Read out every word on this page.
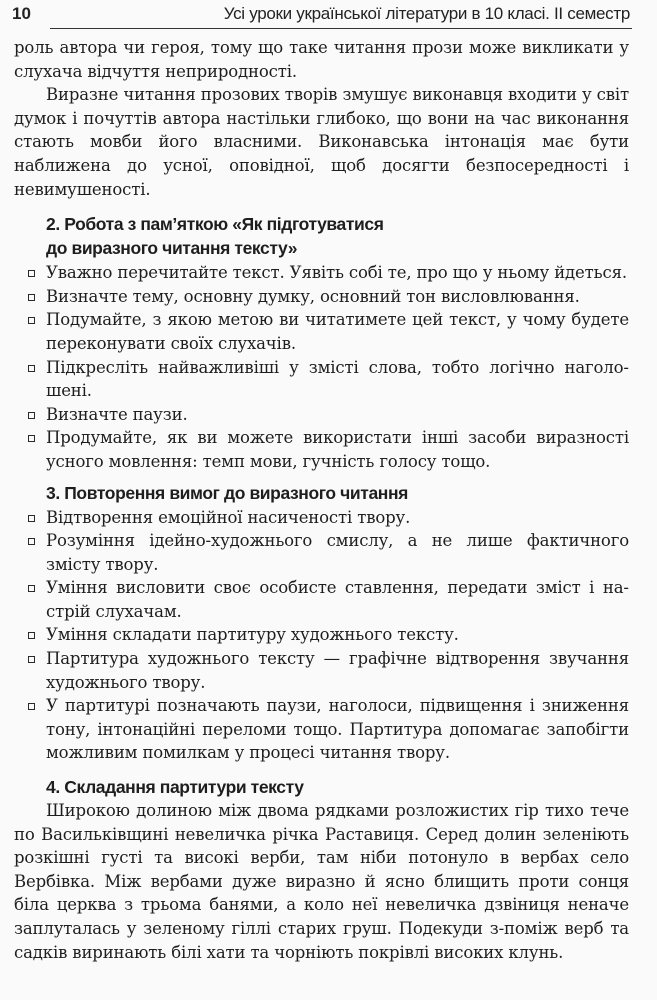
10	Усі уроки української літератури в 10 класі. ІІ семестр

роль автора чи героя, тому що таке читання прози може викликати у слухача відчуття неприродності.

Виразне читання прозових творів змушує виконавця входити у світ думок і почуттів автора настільки глибоко, що вони на час виконання стають мовби його власними. Виконавська інтонація має бути наближена до усної, оповідної, щоб досягти безпосередності і невимушеності.

2. Робота з пам’яткою «Як підготуватися
до виразного читання тексту»
Уважно перечитайте текст. Уявіть собі те, про що у ньому йдеться.
Визначте тему, основну думку, основний тон висловлювання.
Подумайте, з якою метою ви читатимете цей текст, у чому будете переконувати своїх слухачів.
Підкресліть найважливіші у змісті слова, тобто логічно наголошені.
Визначте паузи.
Продумайте, як ви можете використати інші засоби виразності усного мовлення: темп мови, гучність голосу тощо.
3. Повторення вимог до виразного читання
Відтворення емоційної насиченості твору.
Розуміння ідейно-художнього смислу, а не лише фактичного змісту твору.
Уміння висловити своє особисте ставлення, передати зміст і настрій слухачам.
Уміння складати партитуру художнього тексту.
Партитура художнього тексту — графічне відтворення звучання художнього твору.
У партитурі позначають паузи, наголоси, підвищення і зниження тону, інтонаційні переломи тощо. Партитура допомагає запобігти можливим помилкам у процесі читання твору.
4. Складання партитури тексту

Широкою долиною між двома рядками розложистих гір тихо тече по Васильківщині невеличка річка Раставиця. Серед долин зеленіють розкішні густі та високі верби, там ніби потонуло в вербах село Вербівка. Між вербами дуже виразно й ясно блищить проти сонця біла церква з трьома банями, а коло неї невеличка дзвіниця неначе заплуталась у зеленому гіллі старих груш. Подекуди з-поміж верб та садків виринають білі хати та чорніють покрівлі високих клунь.
